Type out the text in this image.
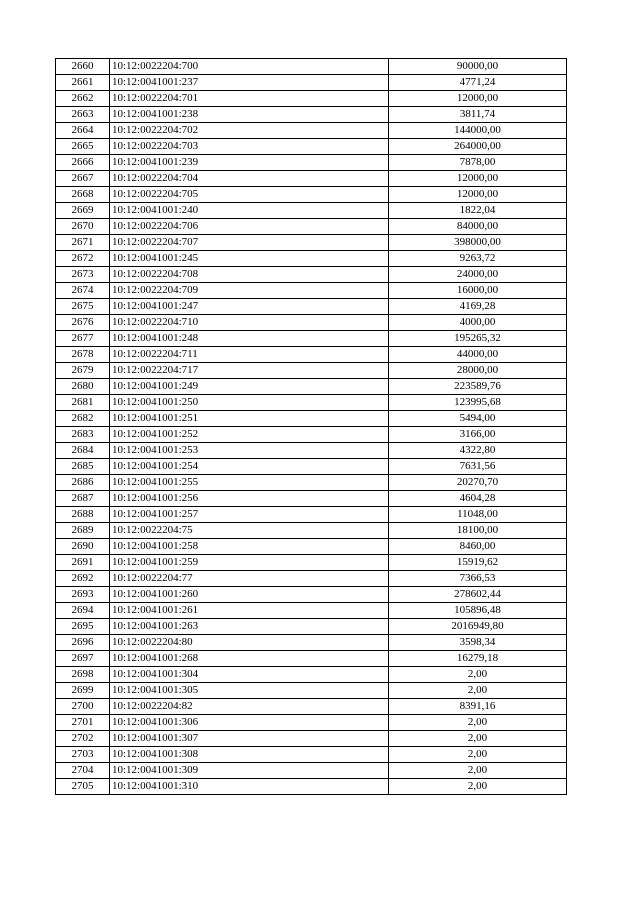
2660	10:12:0022204:700	90000,00
2661	10:12:0041001:237	4771,24
2662	10:12:0022204:701	12000,00
2663	10:12:0041001:238	3811,74
2664	10:12:0022204:702	144000,00
2665	10:12:0022204:703	264000,00
2666	10:12:0041001:239	7878,00
2667	10:12:0022204:704	12000,00
2668	10:12:0022204:705	12000,00
2669	10:12:0041001:240	1822,04
2670	10:12:0022204:706	84000,00
2671	10:12:0022204:707	398000,00
2672	10:12:0041001:245	9263,72
2673	10:12:0022204:708	24000,00
2674	10:12:0022204:709	16000,00
2675	10:12:0041001:247	4169,28
2676	10:12:0022204:710	4000,00
2677	10:12:0041001:248	195265,32
2678	10:12:0022204:711	44000,00
2679	10:12:0022204:717	28000,00
2680	10:12:0041001:249	223589,76
2681	10:12:0041001:250	123995,68
2682	10:12:0041001:251	5494,00
2683	10:12:0041001:252	3166,00
2684	10:12:0041001:253	4322,80
2685	10:12:0041001:254	7631,56
2686	10:12:0041001:255	20270,70
2687	10:12:0041001:256	4604,28
2688	10:12:0041001:257	11048,00
2689	10:12:0022204:75	18100,00
2690	10:12:0041001:258	8460,00
2691	10:12:0041001:259	15919,62
2692	10:12:0022204:77	7366,53
2693	10:12:0041001:260	278602,44
2694	10:12:0041001:261	105896,48
2695	10:12:0041001:263	2016949,80
2696	10:12:0022204:80	3598,34
2697	10:12:0041001:268	16279,18
2698	10:12:0041001:304	2,00
2699	10:12:0041001:305	2,00
2700	10:12:0022204:82	8391,16
2701	10:12:0041001:306	2,00
2702	10:12:0041001:307	2,00
2703	10:12:0041001:308	2,00
2704	10:12:0041001:309	2,00
2705	10:12:0041001:310	2,00
